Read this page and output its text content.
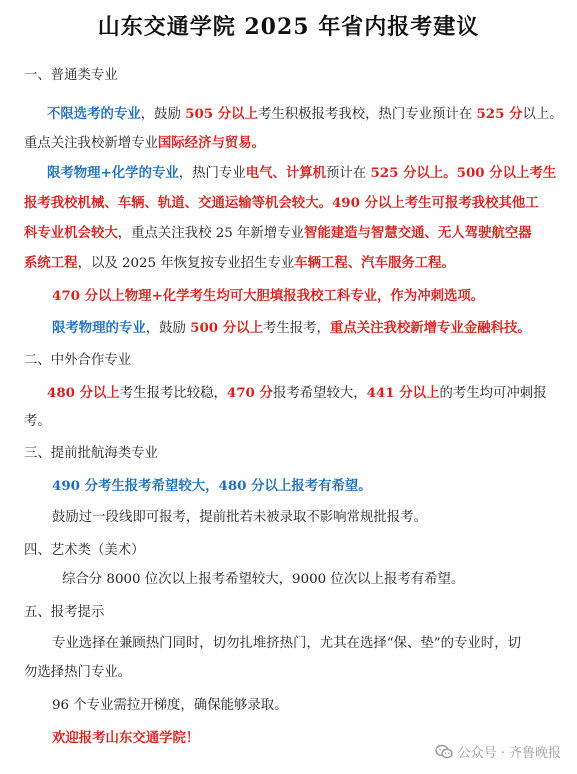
山东交通学院 2025 年省内报考建议
一、普通类专业
不限选考的专业，鼓励 505 分以上考生积极报考我校，热门专业预计在 525 分以上。
重点关注我校新增专业国际经济与贸易。
限考物理+化学的专业，热门专业电气、计算机预计在 525 分以上。500 分以上考生
报考我校机械、车辆、轨道、交通运输等机会较大。490 分以上考生可报考我校其他工
科专业机会较大，重点关注我校 25 年新增专业智能建造与智慧交通、无人驾驶航空器
系统工程，以及 2025 年恢复按专业招生专业车辆工程、汽车服务工程。
470 分以上物理+化学考生均可大胆填报我校工科专业，作为冲刺选项。
限考物理的专业，鼓励 500 分以上考生报考，重点关注我校新增专业金融科技。
二、中外合作专业
480 分以上考生报考比较稳，470 分报考希望较大，441 分以上的考生均可冲刺报
考。
三、提前批航海类专业
490 分考生报考希望较大，480 分以上报考有希望。
鼓励过一段线即可报考，提前批若未被录取不影响常规批报考。
四、艺术类（美术）
综合分 8000 位次以上报考希望较大，9000 位次以上报考有希望。
五、报考提示
专业选择在兼顾热门同时，切勿扎堆挤热门，尤其在选择“保、垫”的专业时，切
勿选择热门专业。
96 个专业需拉开梯度，确保能够录取。
欢迎报考山东交通学院！
公众号 · 齐鲁晚报
